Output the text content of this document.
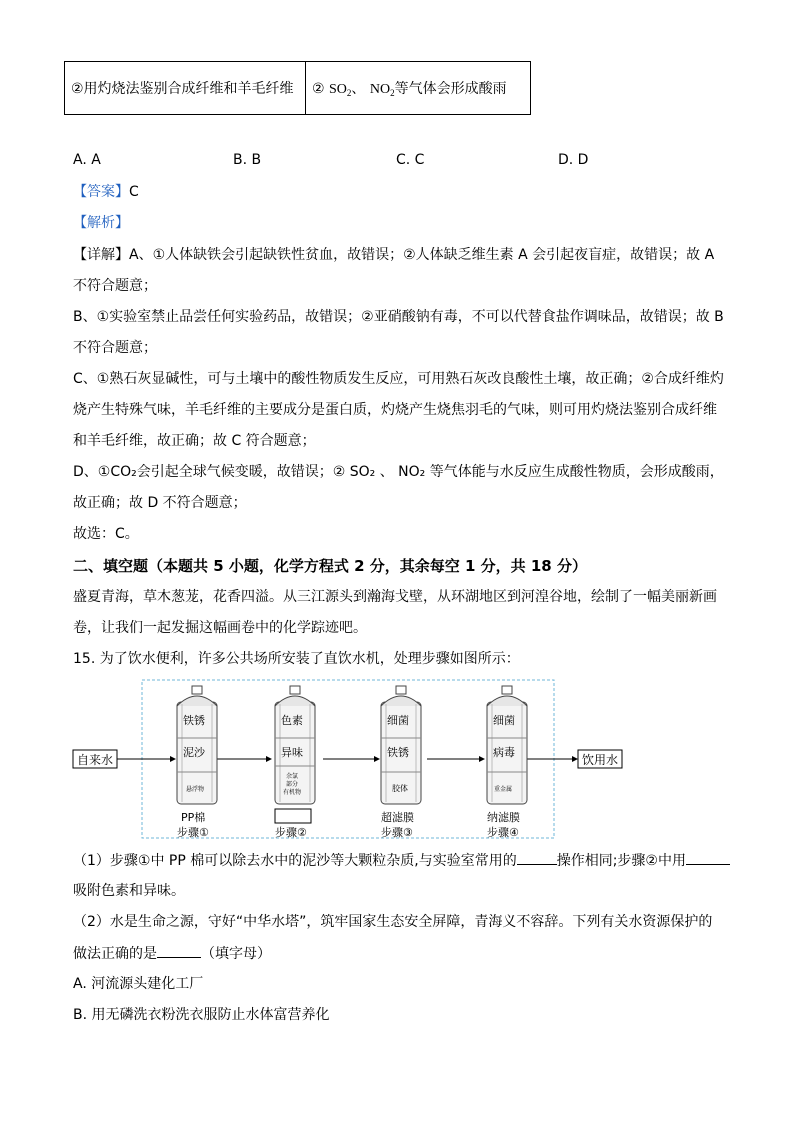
②用灼烧法鉴别合成纤维和羊毛纤维	② $SO_2$、 $NO_2$等气体会形成酸雨
A. A	B. B	C. C	D. D
【答案】C
【解析】
【详解】A、①人体缺铁会引起缺铁性贫血，故错误；②人体缺乏维生素 A 会引起夜盲症，故错误；故 A
不符合题意；
B、①实验室禁止品尝任何实验药品，故错误；②亚硝酸钠有毒，不可以代替食盐作调味品，故错误；故 B
不符合题意；
C、①熟石灰显碱性，可与土壤中的酸性物质发生反应，可用熟石灰改良酸性土壤，故正确；②合成纤维灼
烧产生特殊气味，羊毛纤维的主要成分是蛋白质，灼烧产生烧焦羽毛的气味，则可用灼烧法鉴别合成纤维
和羊毛纤维，故正确；故 C 符合题意；
D、①CO₂会引起全球气候变暖，故错误；② SO₂ 、 NO₂ 等气体能与水反应生成酸性物质，会形成酸雨，
故正确；故 D 不符合题意；
故选：C。
二、填空题（本题共 5 小题，化学方程式 2 分，其余每空 1 分，共 18 分）
盛夏青海，草木葱茏，花香四溢。从三江源头到瀚海戈壁，从环湖地区到河湟谷地，绘制了一幅美丽新画
卷，让我们一起发掘这幅画卷中的化学踪迹吧。
15. 为了饮水便利，许多公共场所安装了直饮水机，处理步骤如图所示：
自来水	饮用水
铁锈
泥沙
悬浮物
PP棉
步骤①
色素
异味
余氯
部分
有机物
步骤②
细菌
铁锈
胶体
超滤膜
步骤③
细菌
病毒
重金属
纳滤膜
步骤④
（1）步骤①中 PP 棉可以除去水中的泥沙等大颗粒杂质,与实验室常用的	操作相同;步骤②中用
吸附色素和异味。
（2）水是生命之源，守好“中华水塔”，筑牢国家生态安全屏障，青海义不容辞。下列有关水资源保护的
做法正确的是	（填字母）
A. 河流源头建化工厂
B. 用无磷洗衣粉洗衣服防止水体富营养化
